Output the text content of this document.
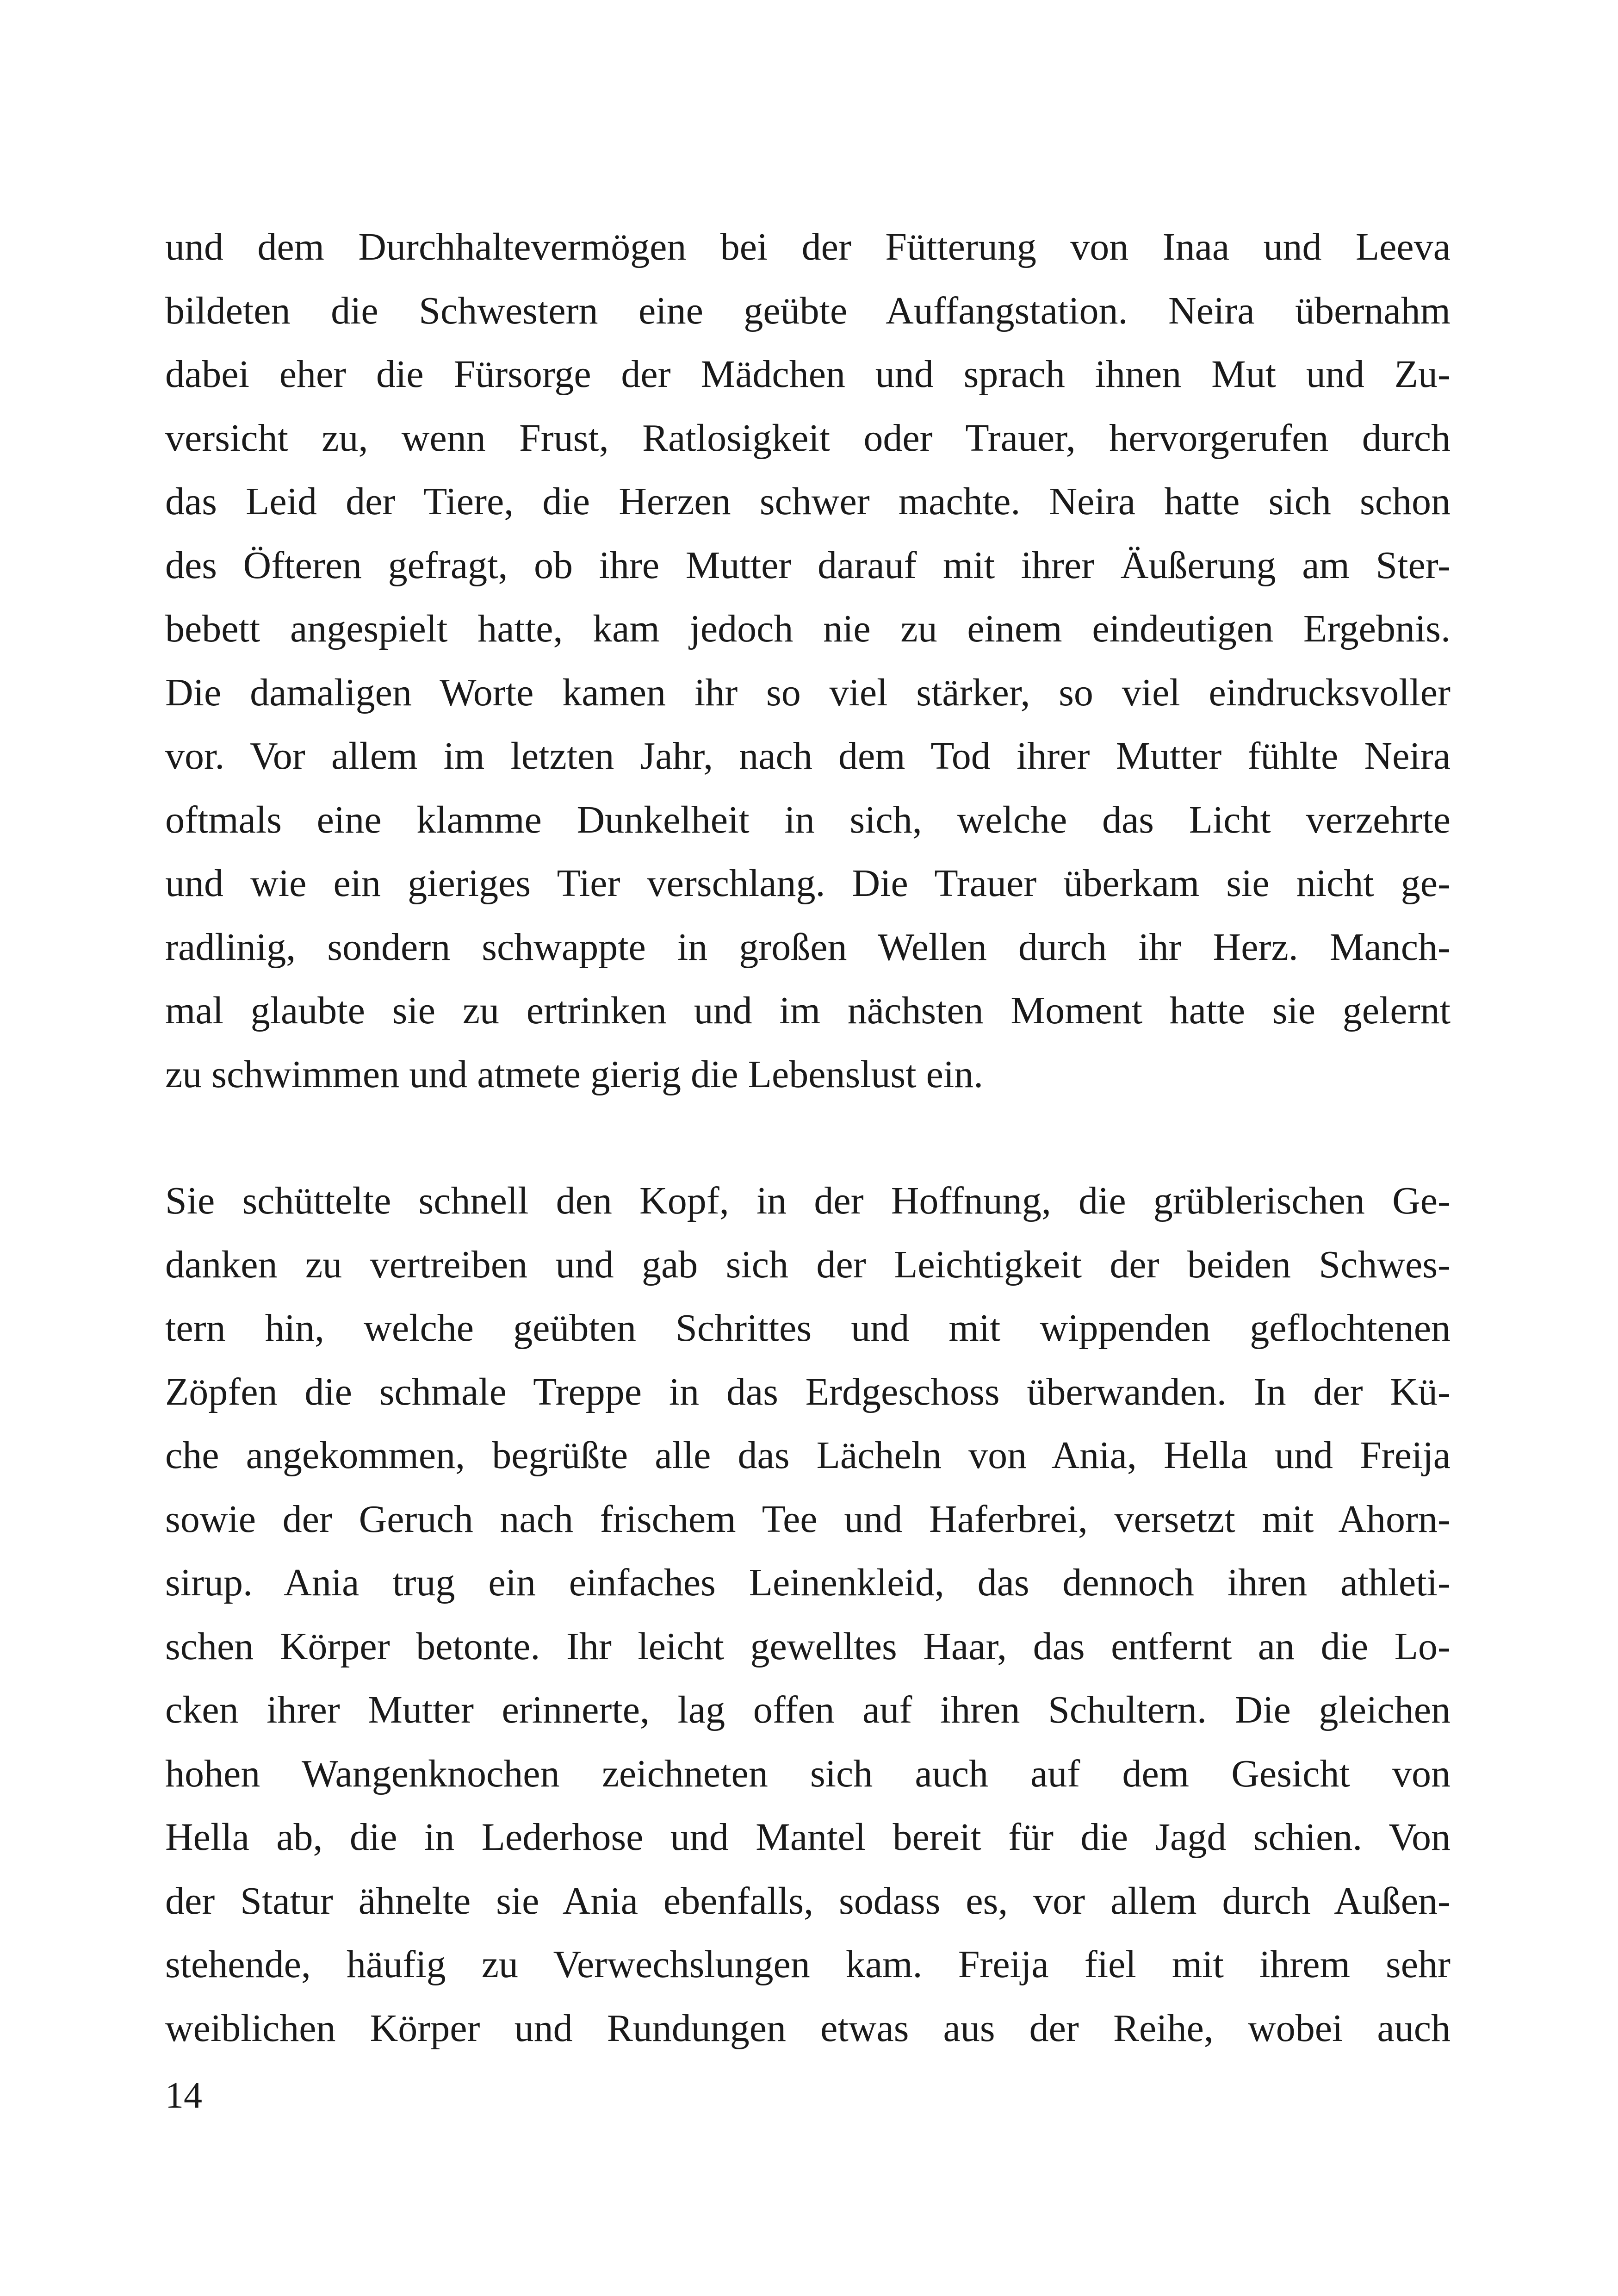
und dem Durchhaltevermögen bei der Fütterung von Inaa und Leeva
bildeten die Schwestern eine geübte Auffangstation. Neira übernahm
dabei eher die Fürsorge der Mädchen und sprach ihnen Mut und Zu-
versicht zu, wenn Frust, Ratlosigkeit oder Trauer, hervorgerufen durch
das Leid der Tiere, die Herzen schwer machte. Neira hatte sich schon
des Öfteren gefragt, ob ihre Mutter darauf mit ihrer Äußerung am Ster-
bebett angespielt hatte, kam jedoch nie zu einem eindeutigen Ergebnis.
Die damaligen Worte kamen ihr so viel stärker, so viel eindrucksvoller
vor. Vor allem im letzten Jahr, nach dem Tod ihrer Mutter fühlte Neira
oftmals eine klamme Dunkelheit in sich, welche das Licht verzehrte
und wie ein gieriges Tier verschlang. Die Trauer überkam sie nicht ge-
radlinig, sondern schwappte in großen Wellen durch ihr Herz. Manch-
mal glaubte sie zu ertrinken und im nächsten Moment hatte sie gelernt
zu schwimmen und atmete gierig die Lebenslust ein.
Sie schüttelte schnell den Kopf, in der Hoffnung, die grüblerischen Ge-
danken zu vertreiben und gab sich der Leichtigkeit der beiden Schwes-
tern hin, welche geübten Schrittes und mit wippenden geflochtenen
Zöpfen die schmale Treppe in das Erdgeschoss überwanden. In der Kü-
che angekommen, begrüßte alle das Lächeln von Ania, Hella und Freija
sowie der Geruch nach frischem Tee und Haferbrei, versetzt mit Ahorn-
sirup. Ania trug ein einfaches Leinenkleid, das dennoch ihren athleti-
schen Körper betonte. Ihr leicht gewelltes Haar, das entfernt an die Lo-
cken ihrer Mutter erinnerte, lag offen auf ihren Schultern. Die gleichen
hohen Wangenknochen zeichneten sich auch auf dem Gesicht von
Hella ab, die in Lederhose und Mantel bereit für die Jagd schien. Von
der Statur ähnelte sie Ania ebenfalls, sodass es, vor allem durch Außen-
stehende, häufig zu Verwechslungen kam. Freija fiel mit ihrem sehr
weiblichen Körper und Rundungen etwas aus der Reihe, wobei auch
14
